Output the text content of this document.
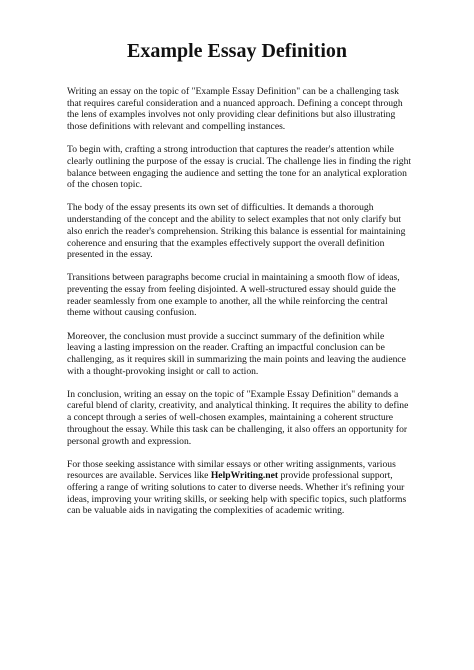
Example Essay Definition

Writing an essay on the topic of "Example Essay Definition" can be a challenging task that requires careful consideration and a nuanced approach. Defining a concept through the lens of examples involves not only providing clear definitions but also illustrating those definitions with relevant and compelling instances.

To begin with, crafting a strong introduction that captures the reader's attention while clearly outlining the purpose of the essay is crucial. The challenge lies in finding the right balance between engaging the audience and setting the tone for an analytical exploration of the chosen topic.

The body of the essay presents its own set of difficulties. It demands a thorough understanding of the concept and the ability to select examples that not only clarify but also enrich the reader's comprehension. Striking this balance is essential for maintaining coherence and ensuring that the examples effectively support the overall definition presented in the essay.

Transitions between paragraphs become crucial in maintaining a smooth flow of ideas, preventing the essay from feeling disjointed. A well-structured essay should guide the reader seamlessly from one example to another, all the while reinforcing the central theme without causing confusion.

Moreover, the conclusion must provide a succinct summary of the definition while leaving a lasting impression on the reader. Crafting an impactful conclusion can be challenging, as it requires skill in summarizing the main points and leaving the audience with a thought-provoking insight or call to action.

In conclusion, writing an essay on the topic of "Example Essay Definition" demands a careful blend of clarity, creativity, and analytical thinking. It requires the ability to define a concept through a series of well-chosen examples, maintaining a coherent structure throughout the essay. While this task can be challenging, it also offers an opportunity for personal growth and expression.

For those seeking assistance with similar essays or other writing assignments, various resources are available. Services like HelpWriting.net provide professional support, offering a range of writing solutions to cater to diverse needs. Whether it's refining your ideas, improving your writing skills, or seeking help with specific topics, such platforms can be valuable aids in navigating the complexities of academic writing.
